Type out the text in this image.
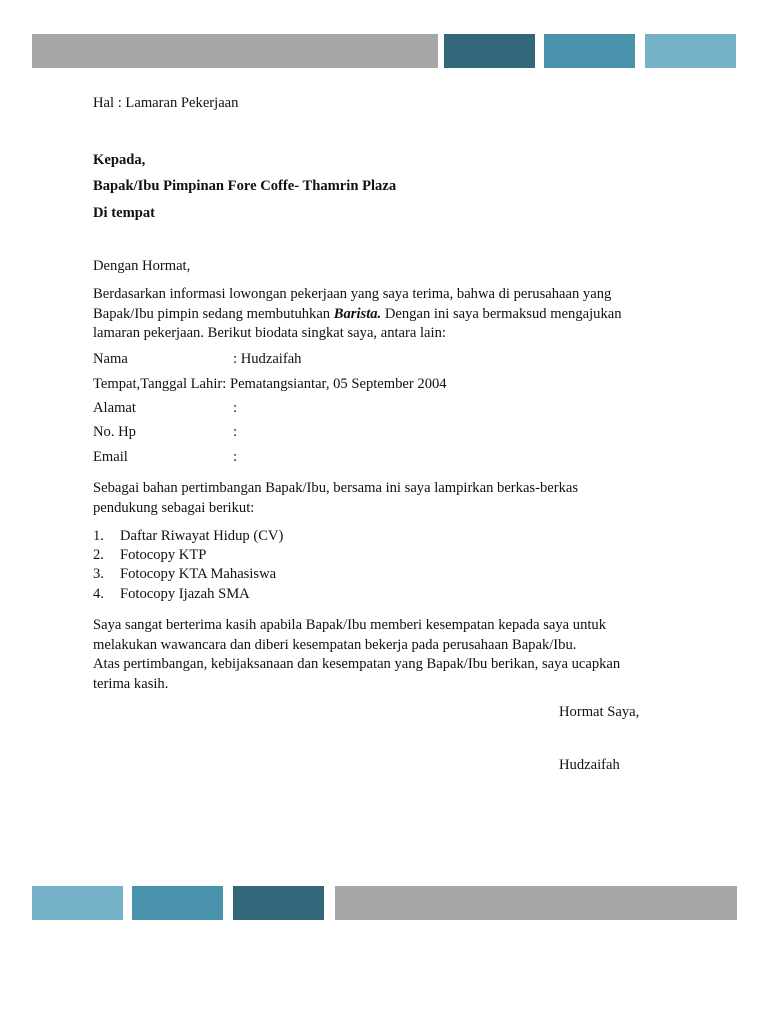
Hal : Lamaran Pekerjaan
Kepada,
Bapak/Ibu Pimpinan Fore Coffe- Thamrin Plaza
Di tempat
Dengan Hormat,
Berdasarkan informasi lowongan pekerjaan yang saya terima, bahwa di perusahaan yang Bapak/Ibu pimpin sedang membutuhkan Barista. Dengan ini saya bermaksud mengajukan lamaran pekerjaan. Berikut biodata singkat saya, antara lain:
Nama	: Hudzaifah
Tempat,Tanggal Lahir: Pematangsiantar, 05 September 2004
Alamat	:
No. Hp	:
Email	:
Sebagai bahan pertimbangan Bapak/Ibu, bersama ini saya lampirkan berkas-berkas pendukung sebagai berikut:
1. Daftar Riwayat Hidup (CV)
2. Fotocopy KTP
3. Fotocopy KTA Mahasiswa
4. Fotocopy Ijazah SMA
Saya sangat berterima kasih apabila Bapak/Ibu memberi kesempatan kepada saya untuk melakukan wawancara dan diberi kesempatan bekerja pada perusahaan Bapak/Ibu.
Atas pertimbangan, kebijaksanaan dan kesempatan yang Bapak/Ibu berikan, saya ucapkan terima kasih.
Hormat Saya,
Hudzaifah
